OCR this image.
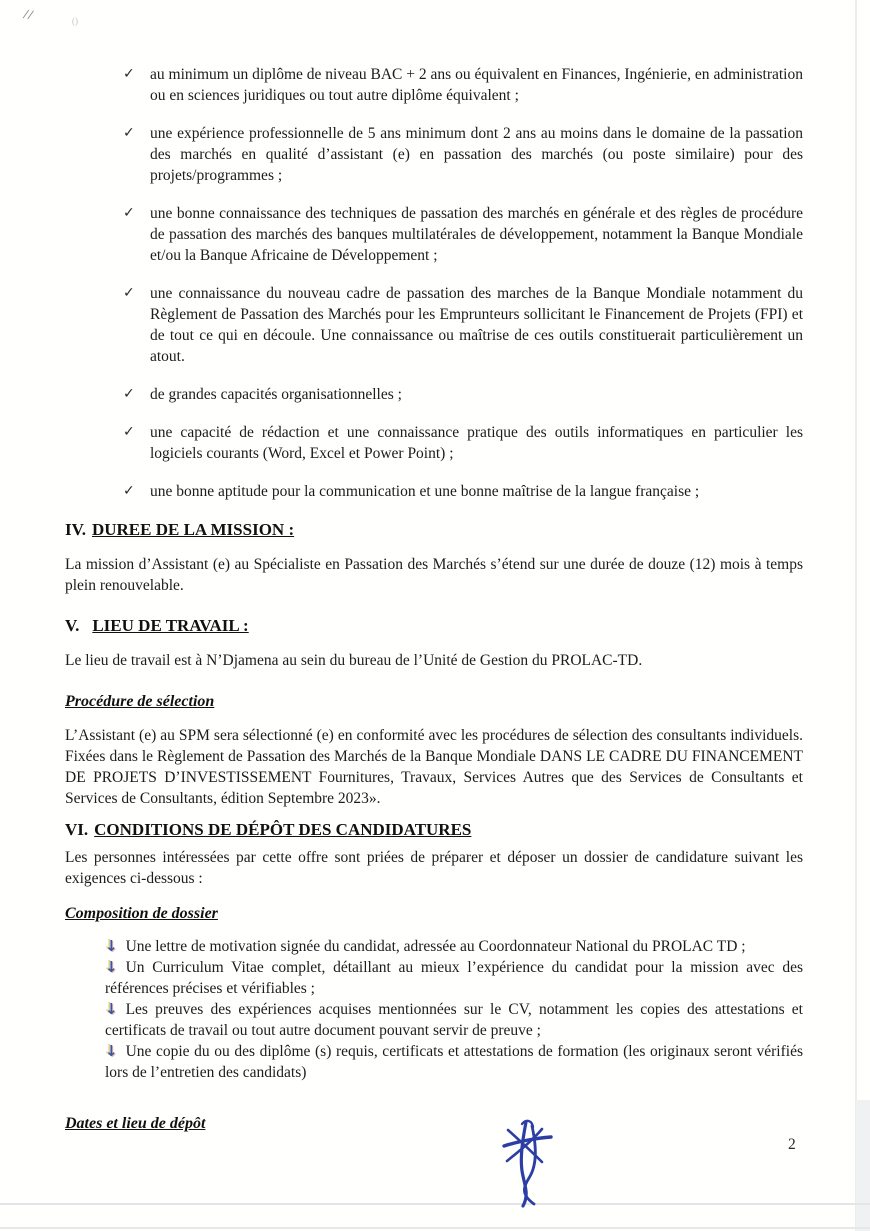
//	()
✓ au minimum un diplôme de niveau BAC + 2 ans ou équivalent en Finances, Ingénierie, en administration ou en sciences juridiques ou tout autre diplôme équivalent ;
✓ une expérience professionnelle de 5 ans minimum dont 2 ans au moins dans le domaine de la passation des marchés en qualité d’assistant (e) en passation des marchés (ou poste similaire) pour des projets/programmes ;
✓ une bonne connaissance des techniques de passation des marchés en générale et des règles de procédure de passation des marchés des banques multilatérales de développement, notamment la Banque Mondiale et/ou la Banque Africaine de Développement ;
✓ une connaissance du nouveau cadre de passation des marches de la Banque Mondiale notamment du Règlement de Passation des Marchés pour les Emprunteurs sollicitant le Financement de Projets (FPI) et de tout ce qui en découle. Une connaissance ou maîtrise de ces outils constituerait particulièrement un atout.
✓ de grandes capacités organisationnelles ;
✓ une capacité de rédaction et une connaissance pratique des outils informatiques en particulier les logiciels courants (Word, Excel et Power Point) ;
✓ une bonne aptitude pour la communication et une bonne maîtrise de la langue française ;
IV. DUREE DE LA MISSION :

La mission d’Assistant (e) au Spécialiste en Passation des Marchés s’étend sur une durée de douze (12) mois à temps plein renouvelable.

V. LIEU DE TRAVAIL :

Le lieu de travail est à N’Djamena au sein du bureau de l’Unité de Gestion du PROLAC-TD.

Procédure de sélection

L’Assistant (e) au SPM sera sélectionné (e) en conformité avec les procédures de sélection des consultants individuels. Fixées dans le Règlement de Passation des Marchés de la Banque Mondiale DANS LE CADRE DU FINANCEMENT DE PROJETS D’INVESTISSEMENT Fournitures, Travaux, Services Autres que des Services de Consultants et Services de Consultants, édition Septembre 2023».

VI. CONDITIONS DE DÉPÔT DES CANDIDATURES

Les personnes intéressées par cette offre sont priées de préparer et déposer un dossier de candidature suivant les exigences ci-dessous :

Composition de dossier
↓ Une lettre de motivation signée du candidat, adressée au Coordonnateur National du PROLAC TD ;
↓ Un Curriculum Vitae complet, détaillant au mieux l’expérience du candidat pour la mission avec des références précises et vérifiables ;
↓ Les preuves des expériences acquises mentionnées sur le CV, notamment les copies des attestations et certificats de travail ou tout autre document pouvant servir de preuve ;
↓ Une copie du ou des diplôme (s) requis, certificats et attestations de formation (les originaux seront vérifiés lors de l’entretien des candidats)
Dates et lieu de dépôt
2
